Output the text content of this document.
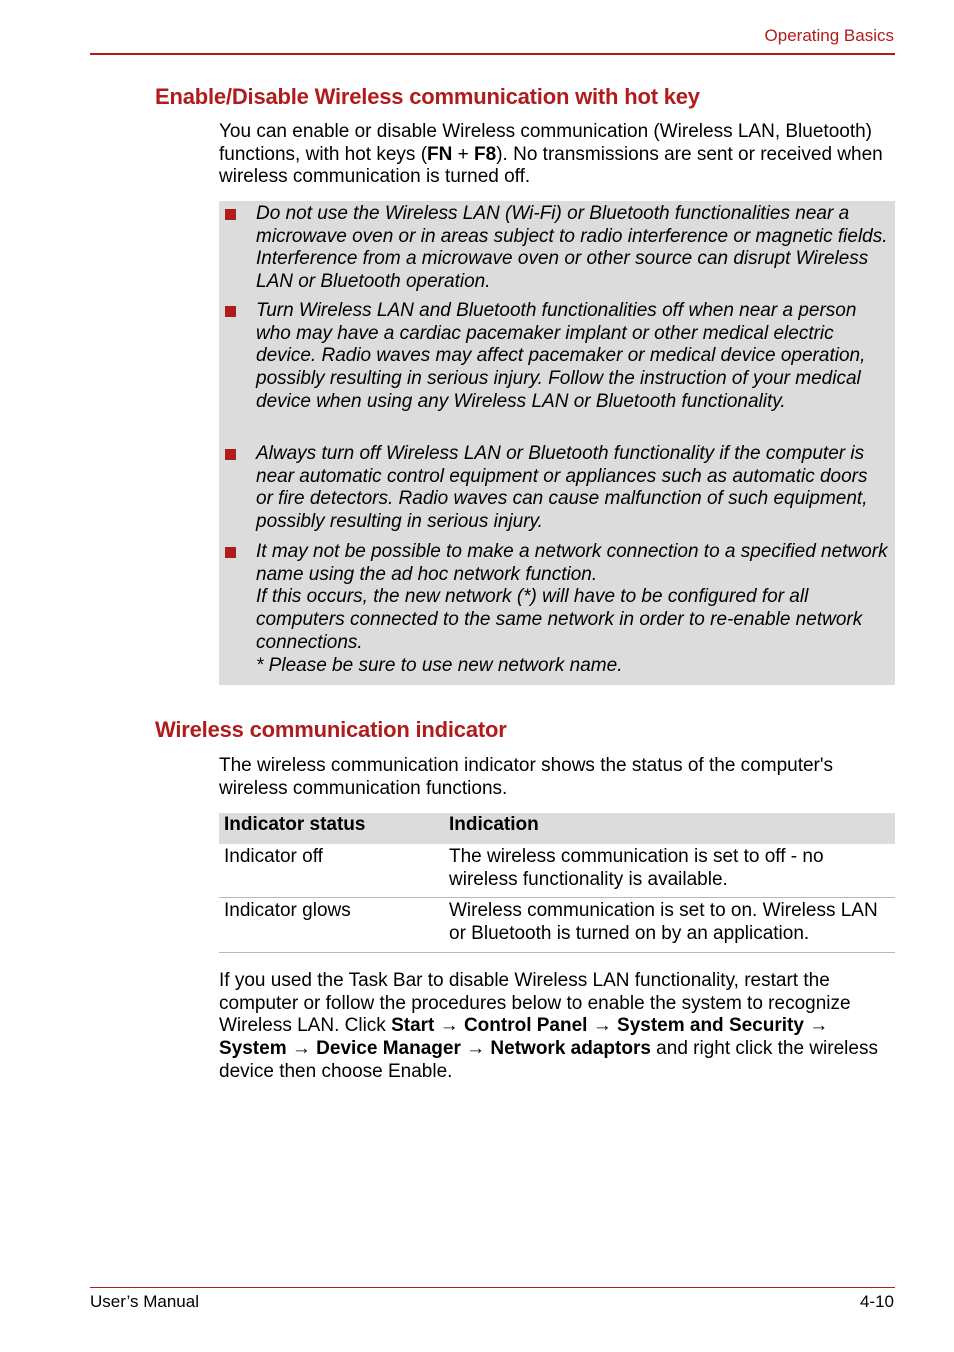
Operating Basics
Enable/Disable Wireless communication with hot key

You can enable or disable Wireless communication (Wireless LAN, Bluetooth) functions, with hot keys (FN + F8). No transmissions are sent or received when wireless communication is turned off.

Do not use the Wireless LAN (Wi-Fi) or Bluetooth functionalities near a microwave oven or in areas subject to radio interference or magnetic fields. Interference from a microwave oven or other source can disrupt Wireless LAN or Bluetooth operation.

Turn Wireless LAN and Bluetooth functionalities off when near a person who may have a cardiac pacemaker implant or other medical electric device. Radio waves may affect pacemaker or medical device operation, possibly resulting in serious injury. Follow the instruction of your medical device when using any Wireless LAN or Bluetooth functionality.

Always turn off Wireless LAN or Bluetooth functionality if the computer is near automatic control equipment or appliances such as automatic doors or fire detectors. Radio waves can cause malfunction of such equipment, possibly resulting in serious injury.

It may not be possible to make a network connection to a specified network name using the ad hoc network function.
If this occurs, the new network (*) will have to be configured for all computers connected to the same network in order to re-enable network connections.
* Please be sure to use new network name.

Wireless communication indicator

The wireless communication indicator shows the status of the computer's wireless communication functions.

Indicator status	Indication
Indicator off	The wireless communication is set to off - no wireless functionality is available.
Indicator glows	Wireless communication is set to on. Wireless LAN or Bluetooth is turned on by an application.

If you used the Task Bar to disable Wireless LAN functionality, restart the computer or follow the procedures below to enable the system to recognize Wireless LAN. Click Start → Control Panel → System and Security → System → Device Manager → Network adaptors and right click the wireless device then choose Enable.

User’s Manual	4-10
